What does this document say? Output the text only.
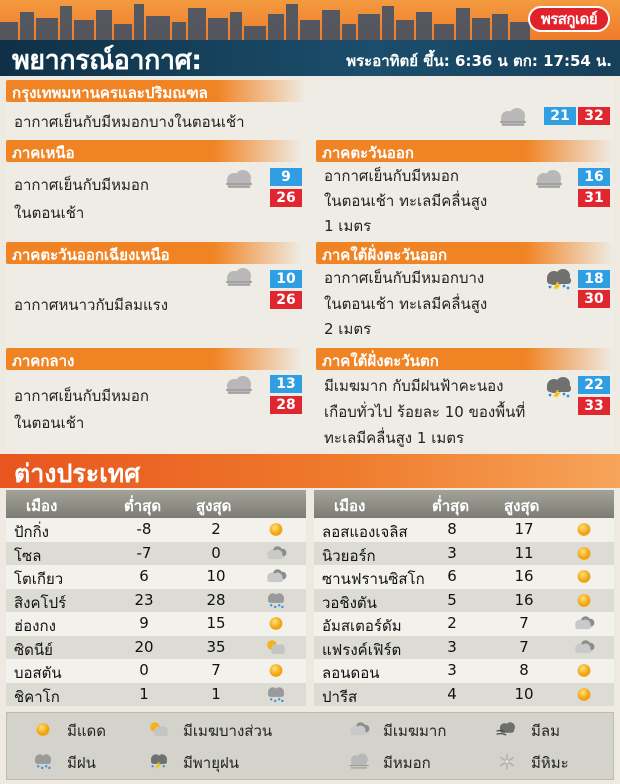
พยากรณ์อากาศ:	พระอาทิตย์ ขึ้น: 6:36 น ตก: 17:54 น.
พรสกูเดย์
กรุงเทพมหานครและปริมณฑล
อากาศเย็นกับมีหมอกบางในตอนเช้า	21	32
ภาคเหนือ
อากาศเย็นกับมีหมอก
ในตอนเช้า
9
26
ภาคตะวันออก
อากาศเย็นกับมีหมอก
ในตอนเช้า ทะเลมีคลื่นสูง
1 เมตร
16
31
ภาคตะวันออกเฉียงเหนือ
อากาศหนาวกับมีลมแรง
10
26
ภาคใต้ฝั่งตะวันออก
อากาศเย็นกับมีหมอกบาง
ในตอนเช้า ทะเลมีคลื่นสูง
2 เมตร
18
30
ภาคกลาง
อากาศเย็นกับมีหมอก
ในตอนเช้า
13
28
ภาคใต้ฝั่งตะวันตก
มีเมฆมาก กับมีฝนฟ้าคะนอง
เกือบทั่วไป ร้อยละ 10 ของพื้นที่
ทะเลมีคลื่นสูง 1 เมตร
22
33
ต่างประเทศ
เมือง	ต่ำสุด สูงสุด
ปักกิ่ง	-8	2
โซล	-7	0
โตเกียว	6	10
สิงคโปร์	23	28
ฮ่องกง	9	15
ซิดนีย์	20	35
บอสตัน	0	7
ชิคาโก	1	1
เมือง	ต่ำสุด สูงสุด
ลอสแองเจลิส	8	17
นิวยอร์ก	3	11
ซานฟรานซิสโก	6	16
วอชิงตัน	5	16
อัมสเตอร์ดัม	2	7
แฟรงค์เฟิร์ต	3	7
ลอนดอน	3	8
ปารีส	4	10
มีแดด	มีเมฆบางส่วน	มีเมฆมาก	มีลม
มีฝน	มีพายุฝน	มีหมอก	มีหิมะ
